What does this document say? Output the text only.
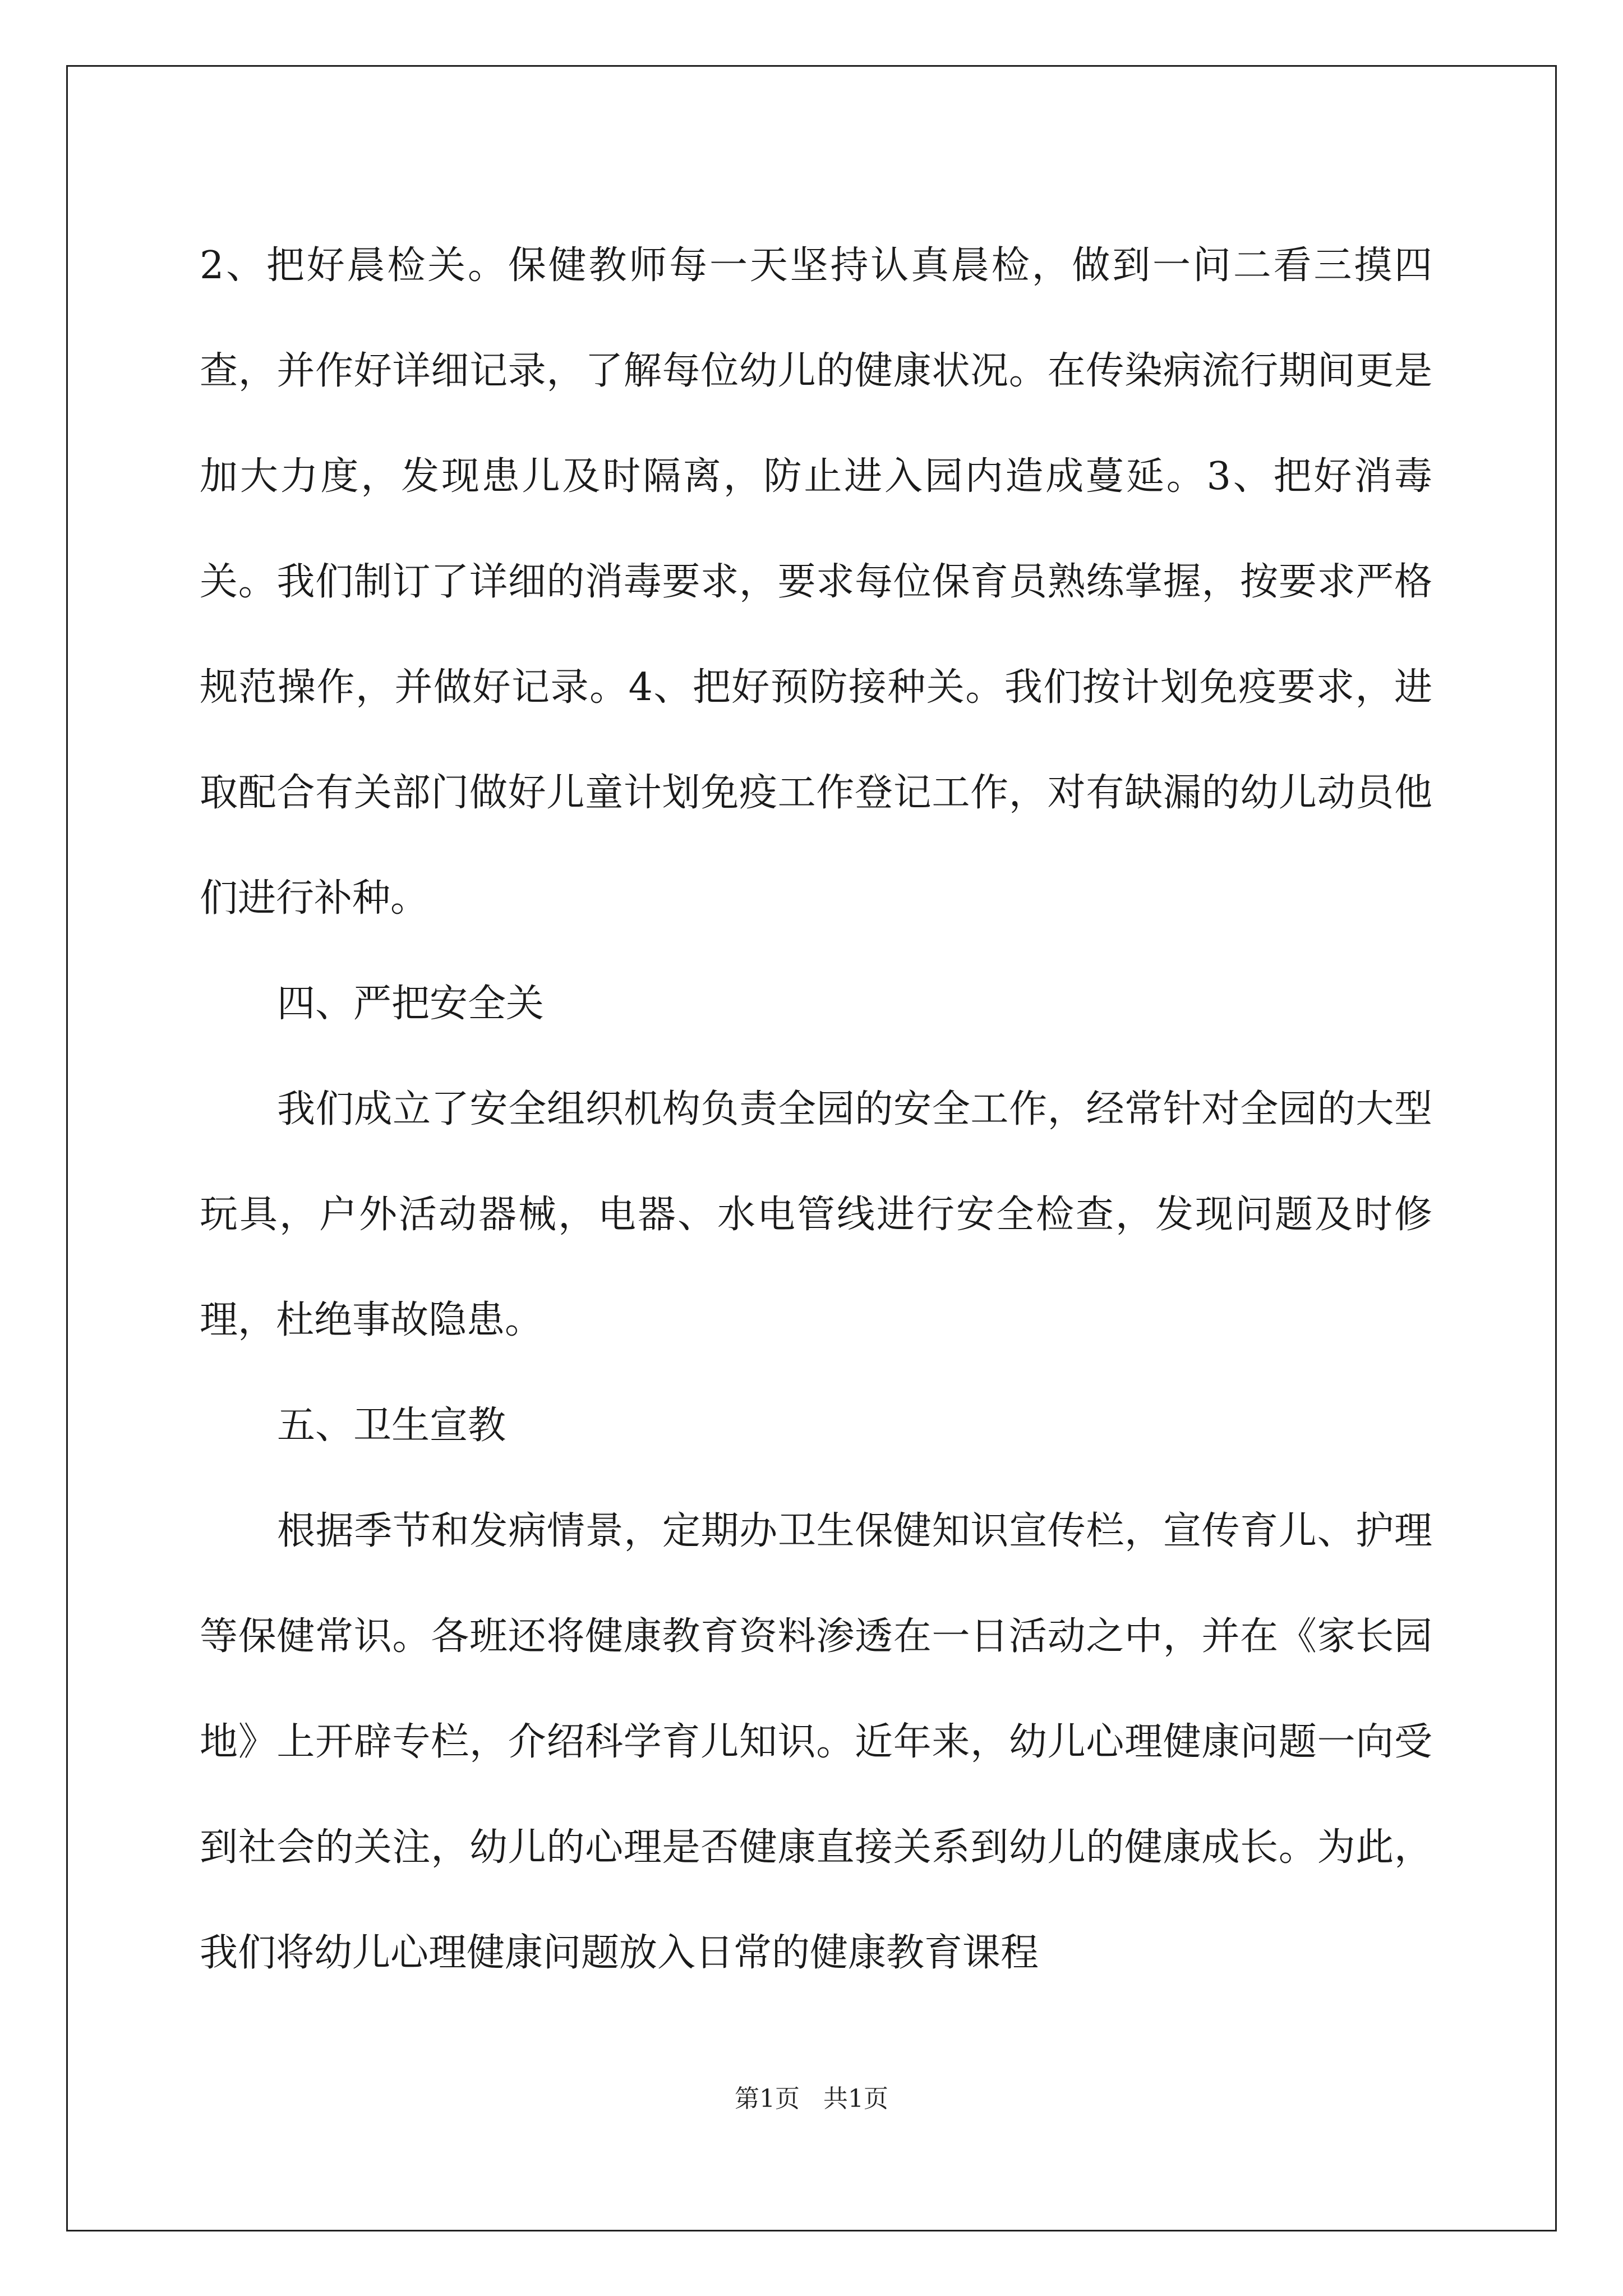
2、把好晨检关。保健教师每一天坚持认真晨检，做到一问二看三摸四查，并作好详细记录，了解每位幼儿的健康状况。在传染病流行期间更是加大力度，发现患儿及时隔离，防止进入园内造成蔓延。3、把好消毒关。我们制订了详细的消毒要求，要求每位保育员熟练掌握，按要求严格规范操作，并做好记录。4、把好预防接种关。我们按计划免疫要求，进取配合有关部门做好儿童计划免疫工作登记工作，对有缺漏的幼儿动员他们进行补种。

四、严把安全关

我们成立了安全组织机构负责全园的安全工作，经常针对全园的大型玩具，户外活动器械，电器、水电管线进行安全检查，发现问题及时修理，杜绝事故隐患。

五、卫生宣教

根据季节和发病情景，定期办卫生保健知识宣传栏，宣传育儿、护理等保健常识。各班还将健康教育资料渗透在一日活动之中，并在《家长园地》上开辟专栏，介绍科学育儿知识。近年来，幼儿心理健康问题一向受到社会的关注，幼儿的心理是否健康直接关系到幼儿的健康成长。为此，我们将幼儿心理健康问题放入日常的健康教育课程

第1页 共1页
